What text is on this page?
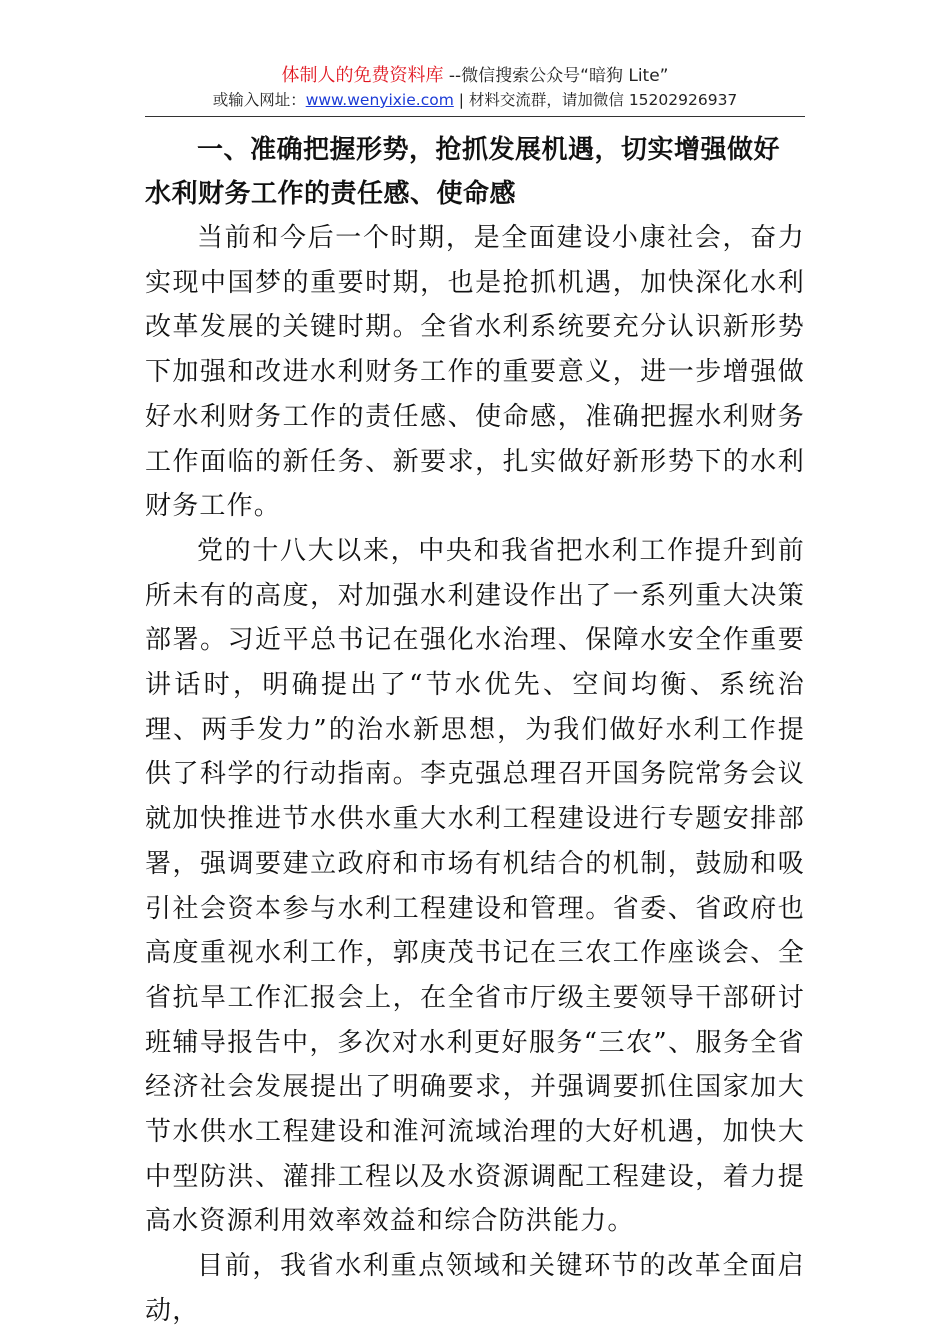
体制人的免费资料库 --微信搜索公众号“暗狗 Lite”
或输入网址：www.wenyixie.com | 材料交流群，请加微信 15202926937

一、准确把握形势，抢抓发展机遇，切实增强做好水利财务工作的责任感、使命感

当前和今后一个时期，是全面建设小康社会，奋力实现中国梦的重要时期，也是抢抓机遇，加快深化水利改革发展的关键时期。全省水利系统要充分认识新形势下加强和改进水利财务工作的重要意义，进一步增强做好水利财务工作的责任感、使命感，准确把握水利财务工作面临的新任务、新要求，扎实做好新形势下的水利财务工作。

党的十八大以来，中央和我省把水利工作提升到前所未有的高度，对加强水利建设作出了一系列重大决策部署。习近平总书记在强化水治理、保障水安全作重要讲话时，明确提出了“节水优先、空间均衡、系统治理、两手发力”的治水新思想，为我们做好水利工作提供了科学的行动指南。李克强总理召开国务院常务会议就加快推进节水供水重大水利工程建设进行专题安排部署，强调要建立政府和市场有机结合的机制，鼓励和吸引社会资本参与水利工程建设和管理。省委、省政府也高度重视水利工作，郭庚茂书记在三农工作座谈会、全省抗旱工作汇报会上，在全省市厅级主要领导干部研讨班辅导报告中，多次对水利更好服务“三农”、服务全省经济社会发展提出了明确要求，并强调要抓住国家加大节水供水工程建设和淮河流域治理的大好机遇，加快大中型防洪、灌排工程以及水资源调配工程建设，着力提高水资源利用效率效益和综合防洪能力。

目前，我省水利重点领域和关键环节的改革全面启动，
